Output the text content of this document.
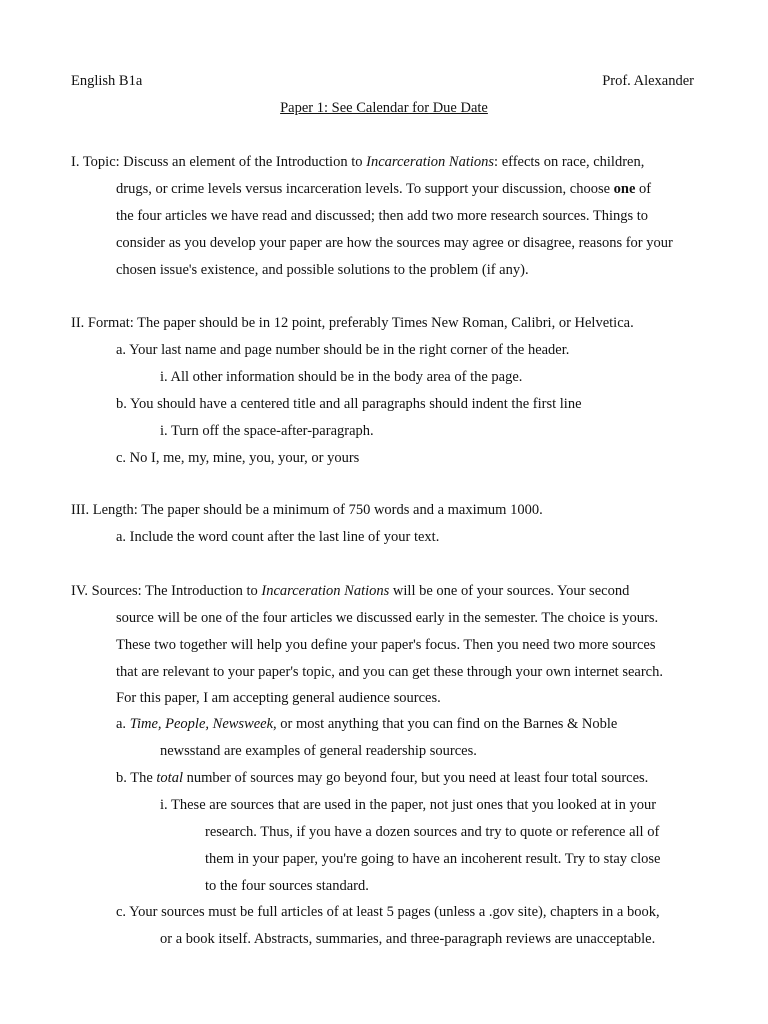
English B1a	Prof. Alexander
Paper 1: See Calendar for Due Date
I. Topic: Discuss an element of the Introduction to Incarceration Nations: effects on race, children,
drugs, or crime levels versus incarceration levels. To support your discussion, choose one of
the four articles we have read and discussed; then add two more research sources. Things to
consider as you develop your paper are how the sources may agree or disagree, reasons for your
chosen issue's existence, and possible solutions to the problem (if any).
II. Format: The paper should be in 12 point, preferably Times New Roman, Calibri, or Helvetica.
a. Your last name and page number should be in the right corner of the header.
i. All other information should be in the body area of the page.
b. You should have a centered title and all paragraphs should indent the first line
i. Turn off the space-after-paragraph.
c. No I, me, my, mine, you, your, or yours
III. Length: The paper should be a minimum of 750 words and a maximum 1000.
a. Include the word count after the last line of your text.
IV. Sources: The Introduction to Incarceration Nations will be one of your sources. Your second
source will be one of the four articles we discussed early in the semester. The choice is yours.
These two together will help you define your paper's focus. Then you need two more sources
that are relevant to your paper's topic, and you can get these through your own internet search.
For this paper, I am accepting general audience sources.
a. Time, People, Newsweek, or most anything that you can find on the Barnes & Noble
newsstand are examples of general readership sources.
b. The total number of sources may go beyond four, but you need at least four total sources.
i. These are sources that are used in the paper, not just ones that you looked at in your
research. Thus, if you have a dozen sources and try to quote or reference all of
them in your paper, you're going to have an incoherent result. Try to stay close
to the four sources standard.
c. Your sources must be full articles of at least 5 pages (unless a .gov site), chapters in a book,
or a book itself. Abstracts, summaries, and three-paragraph reviews are unacceptable.
